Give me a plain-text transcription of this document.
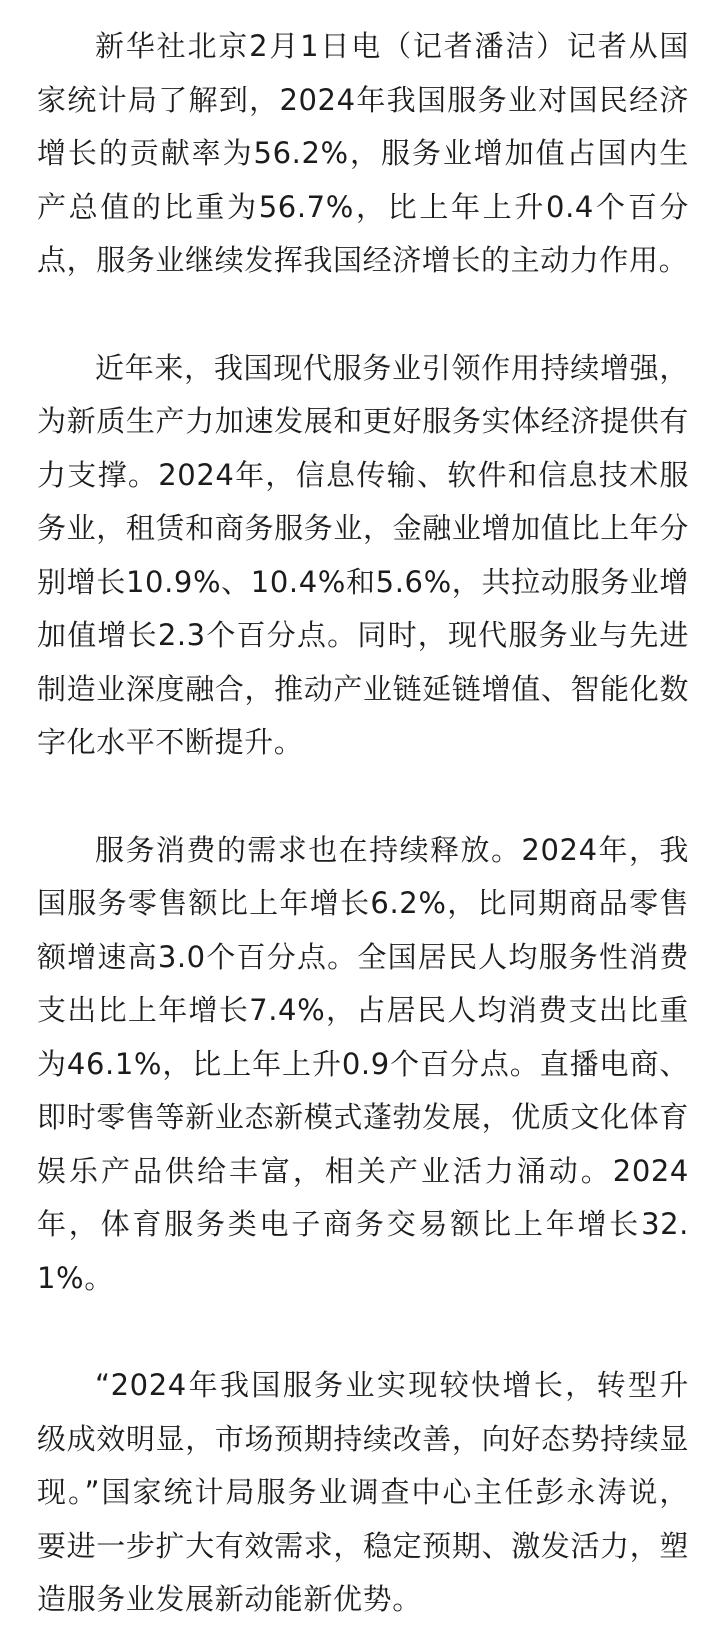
新华社北京2月1日电（记者潘洁）记者从国家统计局了解到，2024年我国服务业对国民经济增长的贡献率为56.2%，服务业增加值占国内生产总值的比重为56.7%，比上年上升0.4个百分点，服务业继续发挥我国经济增长的主动力作用。

近年来，我国现代服务业引领作用持续增强，为新质生产力加速发展和更好服务实体经济提供有力支撑。2024年，信息传输、软件和信息技术服务业，租赁和商务服务业，金融业增加值比上年分别增长10.9%、10.4%和5.6%，共拉动服务业增加值增长2.3个百分点。同时，现代服务业与先进制造业深度融合，推动产业链延链增值、智能化数字化水平不断提升。

服务消费的需求也在持续释放。2024年，我国服务零售额比上年增长6.2%，比同期商品零售额增速高3.0个百分点。全国居民人均服务性消费支出比上年增长7.4%，占居民人均消费支出比重为46.1%，比上年上升0.9个百分点。直播电商、即时零售等新业态新模式蓬勃发展，优质文化体育娱乐产品供给丰富，相关产业活力涌动。2024年，体育服务类电子商务交易额比上年增长32.1%。

“2024年我国服务业实现较快增长，转型升级成效明显，市场预期持续改善，向好态势持续显现。”国家统计局服务业调查中心主任彭永涛说，要进一步扩大有效需求，稳定预期、激发活力，塑造服务业发展新动能新优势。
